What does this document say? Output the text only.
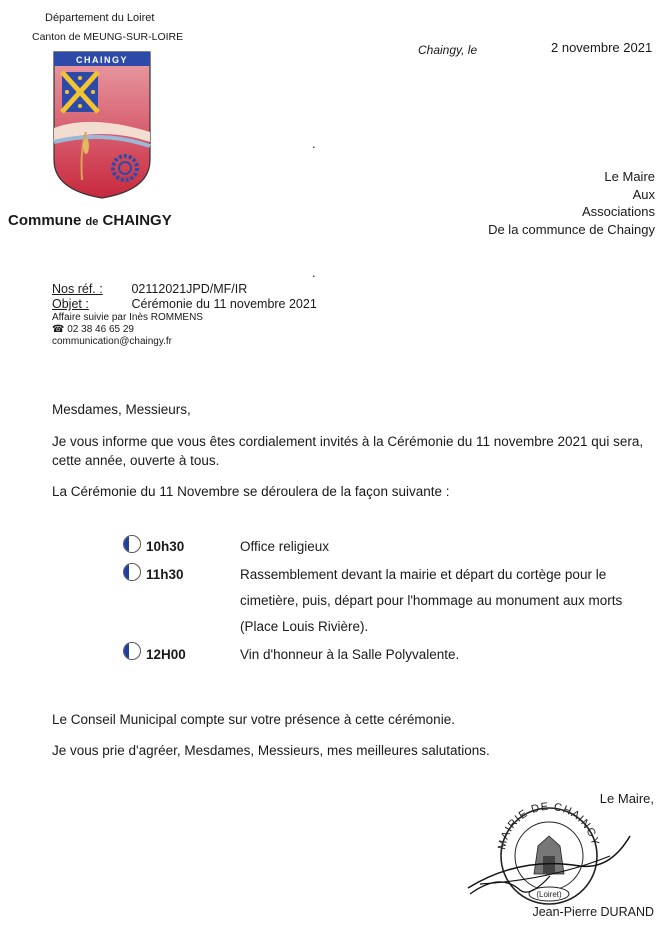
Département du Loiret
Canton de MEUNG-SUR-LOIRE
CHAINGY
Commune de CHAINGY
Chaingy, le	2 novembre 2021
.
.
Le Maire
Aux
Associations
De la communce de Chaingy
Nos réf. : 02112021JPD/MF/IR
Objet :	Cérémonie du 11 novembre 2021
Affaire suivie par Inès ROMMENS
☎ 02 38 46 65 29
communication@chaingy.fr
Mesdames, Messieurs,
Je vous informe que vous êtes cordialement invités à la Cérémonie du 11 novembre 2021 qui sera, cette année, ouverte à tous.
La Cérémonie du 11 Novembre se déroulera de la façon suivante :
10h30	Office religieux
11h30	Rassemblement devant la mairie et départ du cortège pour le
cimetière, puis, départ pour l'hommage au monument aux morts
(Place Louis Rivière).
12H00	Vin d'honneur à la Salle Polyvalente.
Le Conseil Municipal compte sur votre présence à cette cérémonie.
Je vous prie d'agréer, Mesdames, Messieurs, mes meilleures salutations.
Le Maire,
MAIRIE DE CHAINGY
(Loiret)
Jean-Pierre DURAND
